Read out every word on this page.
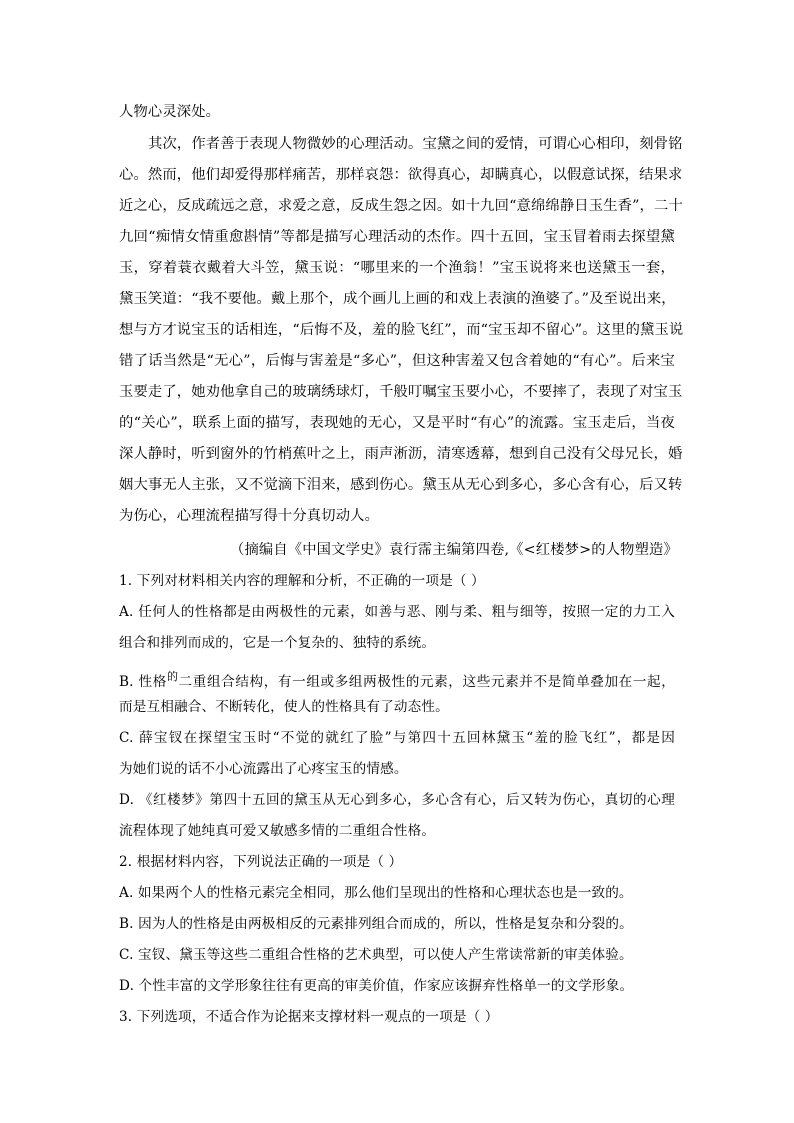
人物心灵深处。
其次，作者善于表现人物微妙的心理活动。宝黛之间的爱情，可谓心心相印，刻骨铭
心。然而，他们却爱得那样痛苦，那样哀怨：欲得真心，却瞒真心，以假意试探，结果求
近之心，反成疏远之意，求爱之意，反成生怨之因。如十九回“意绵绵静日玉生香”，二十
九回“痴情女情重愈斟情”等都是描写心理活动的杰作。四十五回，宝玉冒着雨去探望黛
玉，穿着蓑衣戴着大斗笠，黛玉说：“哪里来的一个渔翁！”宝玉说将来也送黛玉一套，
黛玉笑道：“我不要他。戴上那个，成个画儿上画的和戏上表演的渔婆了。”及至说出来，
想与方才说宝玉的话相连，“后悔不及，羞的脸飞红”，而“宝玉却不留心”。这里的黛玉说
错了话当然是“无心”，后悔与害羞是“多心”，但这种害羞又包含着她的“有心”。后来宝
玉要走了，她劝他拿自己的玻璃绣球灯，千般叮嘱宝玉要小心，不要摔了，表现了对宝玉
的“关心”，联系上面的描写，表现她的无心，又是平时“有心”的流露。宝玉走后，当夜
深人静时，听到窗外的竹梢蕉叶之上，雨声淅沥，清寒透幕，想到自己没有父母兄长，婚
姻大事无人主张，又不觉滴下泪来，感到伤心。黛玉从无心到多心，多心含有心，后又转
为伤心，心理流程描写得十分真切动人。
（摘编自《中国文学史》袁行霈主编第四卷,《<红楼梦>的人物塑造》
1. 下列对材料相关内容的理解和分析，不正确的一项是（ ）
A. 任何人的性格都是由两极性的元素，如善与恶、刚与柔、粗与细等，按照一定的力工入
组合和排列而成的，它是一个复杂的、独特的系统。
B. 性格$^的$二重组合结构，有一组或多组两极性的元素，这些元素并不是简单叠加在一起，
而是互相融合、不断转化，使人的性格具有了动态性。
C. 薛宝钗在探望宝玉时“不觉的就红了脸”与第四十五回林黛玉“羞的脸飞红”，都是因
为她们说的话不小心流露出了心疼宝玉的情感。
D. 《红楼梦》第四十五回的黛玉从无心到多心，多心含有心，后又转为伤心，真切的心理
流程体现了她纯真可爱又敏感多情的二重组合性格。
2. 根据材料内容，下列说法正确的一项是（ ）
A. 如果两个人的性格元素完全相同，那么他们呈现出的性格和心理状态也是一致的。
B. 因为人的性格是由两极相反的元素排列组合而成的，所以，性格是复杂和分裂的。
C. 宝钗、黛玉等这些二重组合性格的艺术典型，可以使人产生常读常新的审美体验。
D. 个性丰富的文学形象往往有更高的审美价值，作家应该摒弃性格单一的文学形象。
3. 下列选项，不适合作为论据来支撑材料一观点的一项是（ ）
